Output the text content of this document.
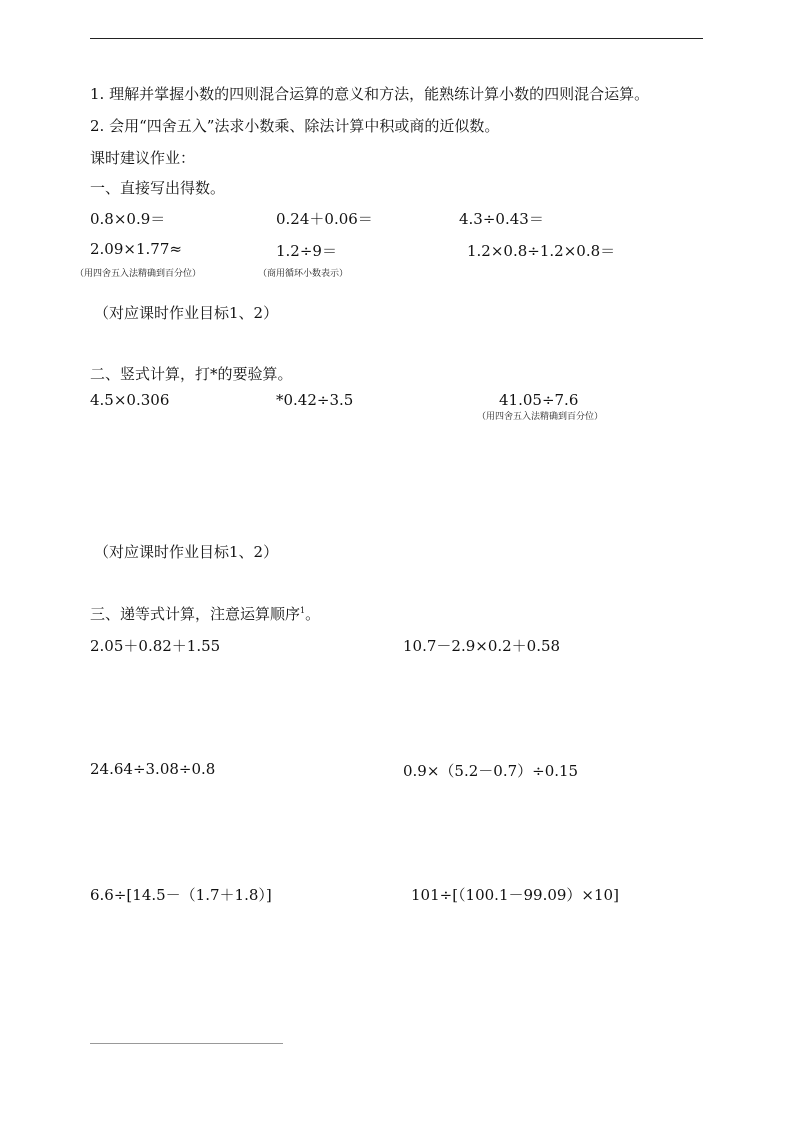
1. 理解并掌握小数的四则混合运算的意义和方法，能熟练计算小数的四则混合运算。
2. 会用“四舍五入”法求小数乘、除法计算中积或商的近似数。
课时建议作业：
一、直接写出得数。
0.8×0.9＝	0.24＋0.06＝	4.3÷0.43＝
2.09×1.77≈	1.2÷9＝	1.2×0.8÷1.2×0.8＝
（用四舍五入法精确到百分位）	（商用循环小数表示）
（对应课时作业目标1、2）
二、竖式计算，打*的要验算。
4.5×0.306	*0.42÷3.5	41.05÷7.6
（用四舍五入法精确到百分位）
（对应课时作业目标1、2）
三、递等式计算，注意运算顺序$^1$。
2.05＋0.82＋1.55	10.7－2.9×0.2＋0.58
24.64÷3.08÷0.8	0.9×（5.2－0.7）÷0.15
6.6÷[14.5－（1.7＋1.8）]	101÷[（100.1－99.09）×10]
